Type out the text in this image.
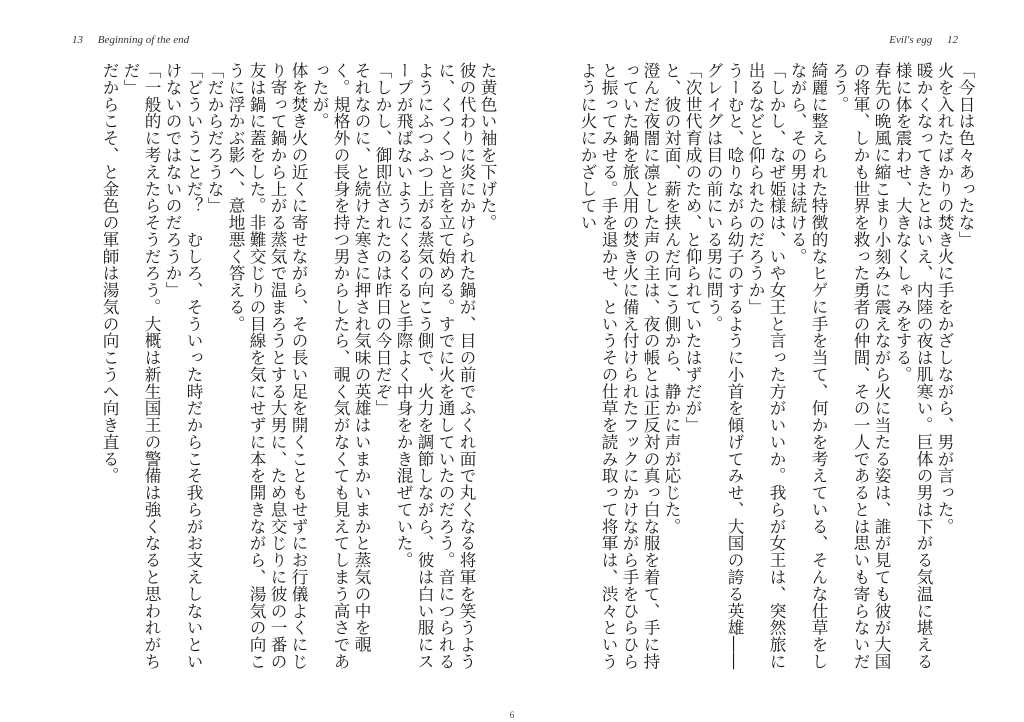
13 Beginning of the end	Evil's egg 12

「今日は色々あったな」

火を入れたばかりの焚き火に手をかざしながら、男が言った。

暖かくなってきたとはいえ、内陸の夜は肌寒い。巨体の男は下がる気温に堪える様に体を震わせ、大きなくしゃみをする。

春先の晩風に縮こまり小刻みに震えながら火に当たる姿は、誰が見ても彼が大国の将軍、しかも世界を救った勇者の仲間、その一人であるとは思いも寄らないだろう。

綺麗に整えられた特徴的なヒゲに手を当て、何かを考えている、そんな仕草をしながら、その男は続ける。

「しかし、なぜ姫様は、いや女王と言った方がいいか。我らが女王は、突然旅に出るなどと仰られたのだろうか」

うーむと、唸りながら幼子のするように小首を傾げてみせ、大国の誇る英雄――グレイグは目の前にいる男に問う。

「次世代育成のため、と仰られていたはずだが」

と、彼の対面、薪を挟んだ向こう側から、静かに声が応じた。

澄んだ夜闇に凛とした声の主は、夜の帳とは正反対の真っ白な服を着て、手に持っていた鍋を旅人用の焚き火に備え付けられたフックにかけながら手をひらひらと振ってみせる。手を退かせ、というその仕草を読み取って将軍は、渋々というように火にかざしてい

た黄色い袖を下げた。

彼の代わりに炎にかけられた鍋が、目の前でふくれ面で丸くなる将軍を笑うように、くつくつと音を立て始める。すでに火を通していたのだろう。音につられるようにふつふつ上がる蒸気の向こう側で、火力を調節しながら、彼は白い服にスープが飛ばないようにくるくると手際よく中身をかき混ぜていた。

「しかし、御即位されたのは昨日の今日だぞ」

それなのに、と続けた寒さに押され気味の英雄はいまかいまかと蒸気の中を覗く。規格外の長身を持つ男からしたら、覗く気がなくても見えてしまう高さであったが。

体を焚き火の近くに寄せながら、その長い足を開くこともせずにお行儀よくにじり寄って鍋から上がる蒸気で温まろうとする大男に、ため息交じりに彼の一番の友は鍋に蓋をした。非難交じりの目線を気にせずに本を開きながら、湯気の向こうに浮かぶ影へ、意地悪く答える。

「だからだろうな」

「どういうことだ？　むしろ、そういった時だからこそ我らがお支えしないといけないのではないのだろうか」

「一般的に考えたらそうだろう。大概は新生国王の警備は強くなると思われがちだ」

だからこそ、と金色の軍師は湯気の向こうへ向き直る。

6
